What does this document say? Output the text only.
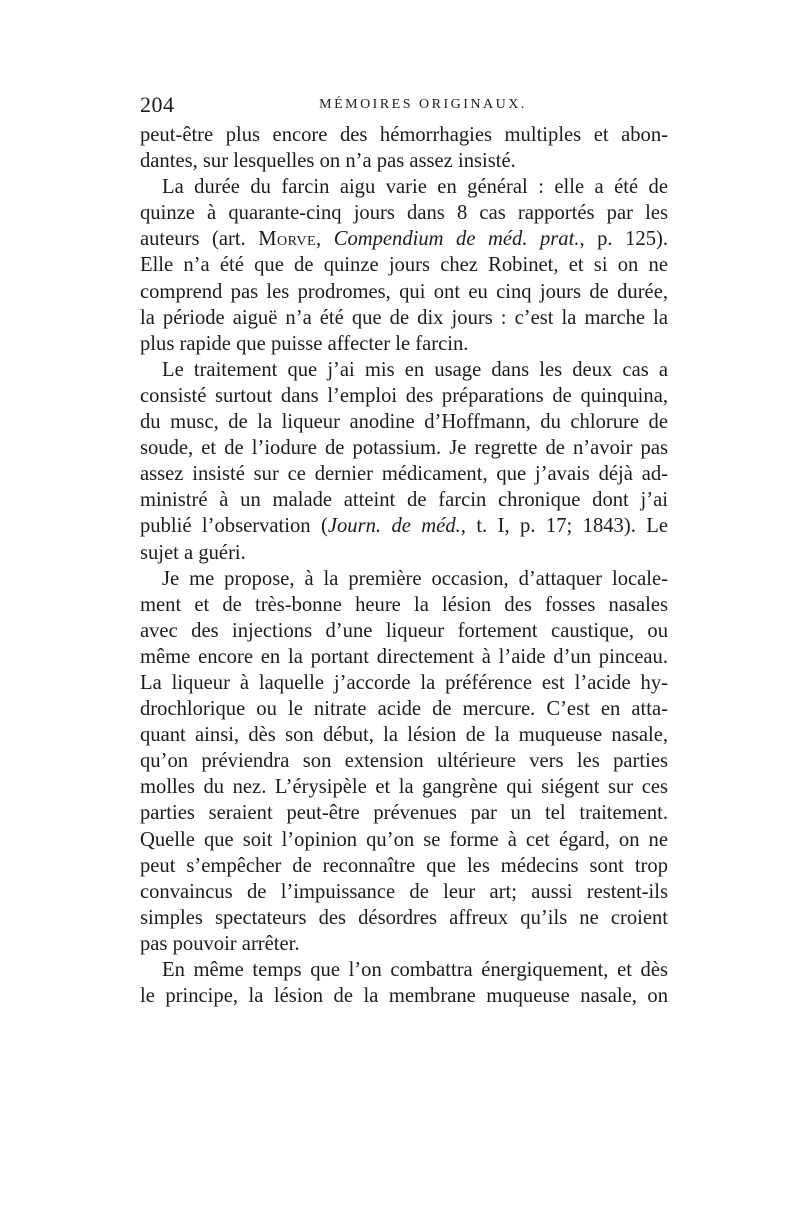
204	MÉMOIRES ORIGINAUX.
peut-être plus encore des hémorrhagies multiples et abon-
dantes, sur lesquelles on n’a pas assez insisté.
La durée du farcin aigu varie en général : elle a été de
quinze à quarante-cinq jours dans 8 cas rapportés par les
auteurs (art. Morve, Compendium de méd. prat., p. 125).
Elle n’a été que de quinze jours chez Robinet, et si on ne
comprend pas les prodromes, qui ont eu cinq jours de durée,
la période aiguë n’a été que de dix jours : c’est la marche la
plus rapide que puisse affecter le farcin.
Le traitement que j’ai mis en usage dans les deux cas a
consisté surtout dans l’emploi des préparations de quinquina,
du musc, de la liqueur anodine d’Hoffmann, du chlorure de
soude, et de l’iodure de potassium. Je regrette de n’avoir pas
assez insisté sur ce dernier médicament, que j’avais déjà ad-
ministré à un malade atteint de farcin chronique dont j’ai
publié l’observation (Journ. de méd., t. I, p. 17; 1843). Le
sujet a guéri.
Je me propose, à la première occasion, d’attaquer locale-
ment et de très-bonne heure la lésion des fosses nasales
avec des injections d’une liqueur fortement caustique, ou
même encore en la portant directement à l’aide d’un pinceau.
La liqueur à laquelle j’accorde la préférence est l’acide hy-
drochlorique ou le nitrate acide de mercure. C’est en atta-
quant ainsi, dès son début, la lésion de la muqueuse nasale,
qu’on préviendra son extension ultérieure vers les parties
molles du nez. L’érysipèle et la gangrène qui siégent sur ces
parties seraient peut-être prévenues par un tel traitement.
Quelle que soit l’opinion qu’on se forme à cet égard, on ne
peut s’empêcher de reconnaître que les médecins sont trop
convaincus de l’impuissance de leur art; aussi restent-ils
simples spectateurs des désordres affreux qu’ils ne croient
pas pouvoir arrêter.
En même temps que l’on combattra énergiquement, et dès
le principe, la lésion de la membrane muqueuse nasale, on
